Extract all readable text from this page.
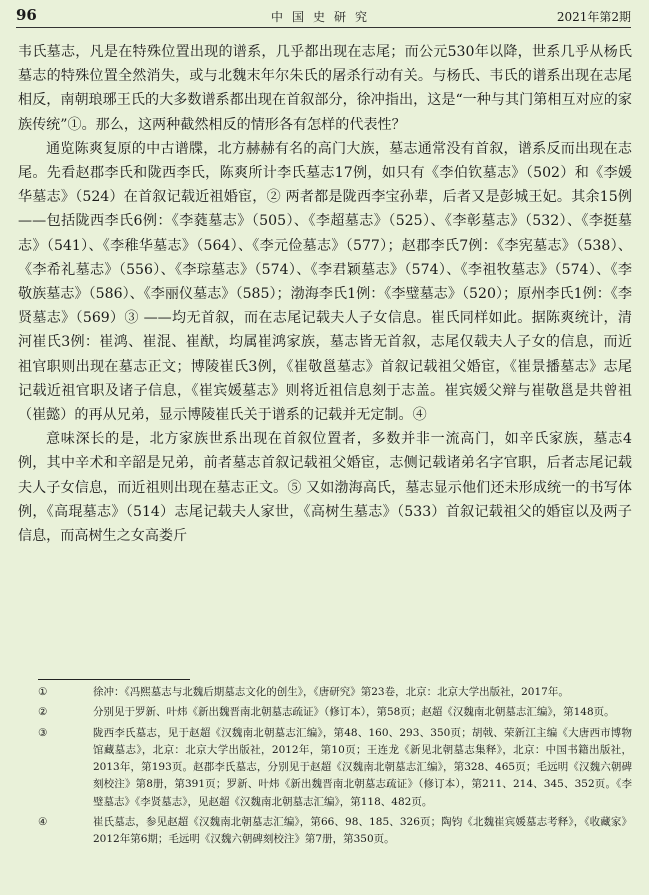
96	中国史研究	2021年第2期

韦氏墓志，凡是在特殊位置出现的谱系，几乎都出现在志尾；而公元530年以降，世系几乎从杨氏墓志的特殊位置全然消失，或与北魏末年尔朱氏的屠杀行动有关。与杨氏、韦氏的谱系出现在志尾相反，南朝琅琊王氏的大多数谱系都出现在首叙部分，徐冲指出，这是“一种与其门第相互对应的家族传统”①。那么，这两种截然相反的情形各有怎样的代表性？

通览陈爽复原的中古谱牒，北方赫赫有名的高门大族，墓志通常没有首叙，谱系反而出现在志尾。先看赵郡李氏和陇西李氏，陈爽所计李氏墓志17例，如只有《李伯钦墓志》（502）和《李媛华墓志》（524）在首叙记载近祖婚宦，② 两者都是陇西李宝孙辈，后者又是彭城王妃。其余15例——包括陇西李氏6例：《李蕤墓志》（505）、《李超墓志》（525）、《李彰墓志》（532）、《李挺墓志》（541）、《李稚华墓志》（564）、《李元俭墓志》（577）；赵郡李氏7例：《李宪墓志》（538）、《李希礼墓志》（556）、《李琮墓志》（574）、《李君颖墓志》（574）、《李祖牧墓志》（574）、《李敬族墓志》（586）、《李丽仪墓志》（585）；渤海李氏1例：《李璧墓志》（520）；原州李氏1例：《李贤墓志》（569）③ ——均无首叙，而在志尾记载夫人子女信息。崔氏同样如此。据陈爽统计，清河崔氏3例：崔鸿、崔混、崔猷，均属崔鸿家族，墓志皆无首叙，志尾仅载夫人子女的信息，而近祖官职则出现在墓志正文；博陵崔氏3例，《崔敬邕墓志》首叙记载祖父婚宦，《崔景播墓志》志尾记载近祖官职及诸子信息，《崔宾媛墓志》则将近祖信息刻于志盖。崔宾媛父辩与崔敬邕是共曾祖（崔懿）的再从兄弟，显示博陵崔氏关于谱系的记载并无定制。④

意味深长的是，北方家族世系出现在首叙位置者，多数并非一流高门，如辛氏家族，墓志4例，其中辛术和辛韶是兄弟，前者墓志首叙记载祖父婚宦，志侧记载诸弟名字官职，后者志尾记载夫人子女信息，而近祖则出现在墓志正文。⑤ 又如渤海高氏，墓志显示他们还未形成统一的书写体例，《高琨墓志》（514）志尾记载夫人家世，《高树生墓志》（533）首叙记载祖父的婚宦以及两子信息，而高树生之女高娄斤

①	徐冲：《冯熙墓志与北魏后期墓志文化的创生》，《唐研究》第23卷，北京：北京大学出版社，2017年。
②	分别见于罗新、叶炜《新出魏晋南北朝墓志疏证》（修订本），第58页；赵超《汉魏南北朝墓志汇编》，第148页。
③	陇西李氏墓志，见于赵超《汉魏南北朝墓志汇编》，第48、160、293、350页；胡戟、荣新江主编《大唐西市博物馆藏墓志》，北京：北京大学出版社，2012年，第10页；王连龙《新见北朝墓志集释》，北京：中国书籍出版社，2013年，第193页。赵郡李氏墓志，分别见于赵超《汉魏南北朝墓志汇编》，第328、465页；毛远明《汉魏六朝碑刻校注》第8册，第391页；罗新、叶炜《新出魏晋南北朝墓志疏证》（修订本），第211、214、345、352页。《李璧墓志》《李贤墓志》，见赵超《汉魏南北朝墓志汇编》，第118、482页。
④	崔氏墓志，参见赵超《汉魏南北朝墓志汇编》，第66、98、185、326页；陶钧《北魏崔宾媛墓志考释》，《收藏家》2012年第6期；毛远明《汉魏六朝碑刻校注》第7册，第350页。
